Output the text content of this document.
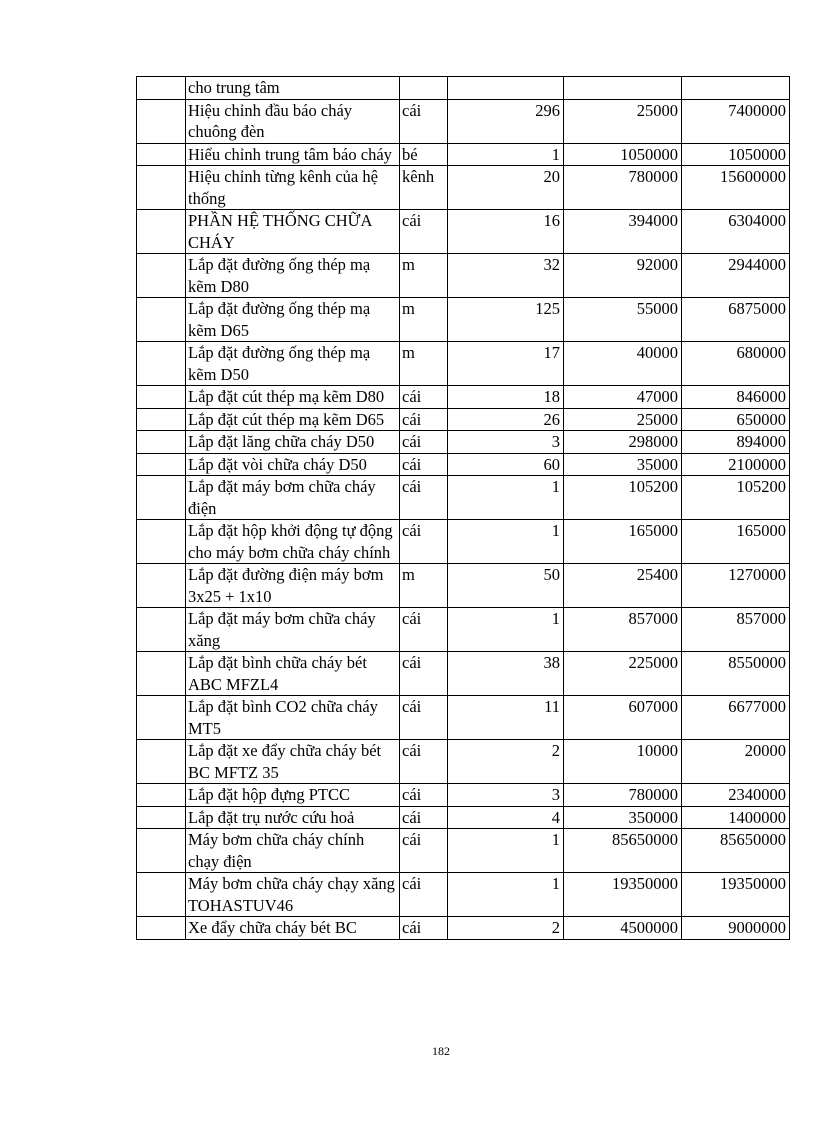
	cho trung tâm				
	Hiệu chỉnh đầu báo cháy chuông đèn	cái	296	25000	7400000
	Hiểu chỉnh trung tâm báo cháy	bé	1	1050000	1050000
	Hiệu chỉnh từng kênh của hệ thống	kênh	20	780000	15600000
	PHẦN HỆ THỐNG CHỮA CHÁY	cái	16	394000	6304000
	Lắp đặt đường ống thép mạ kẽm D80	m	32	92000	2944000
	Lắp đặt đường ống thép mạ kẽm D65	m	125	55000	6875000
	Lắp đặt đường ống thép mạ kẽm D50	m	17	40000	680000
	Lắp đặt cút thép mạ kẽm D80	cái	18	47000	846000
	Lắp đặt cút thép mạ kẽm D65	cái	26	25000	650000
	Lắp đặt lăng chữa cháy D50	cái	3	298000	894000
	Lắp đặt vòi chữa cháy D50	cái	60	35000	2100000
	Lắp đặt máy bơm chữa cháy điện	cái	1	105200	105200
	Lắp đặt hộp khởi động tự động cho máy bơm chữa cháy chính	cái	1	165000	165000
	Lắp đặt đường điện máy bơm 3x25 + 1x10	m	50	25400	1270000
	Lắp đặt máy bơm chữa cháy xăng	cái	1	857000	857000
	Lắp đặt bình chữa cháy bét ABC MFZL4	cái	38	225000	8550000
	Lắp đặt bình CO2 chữa cháy MT5	cái	11	607000	6677000
	Lắp đặt xe đẩy chữa cháy bét BC MFTZ 35	cái	2	10000	20000
	Lắp đặt hộp đựng PTCC	cái	3	780000	2340000
	Lắp đặt trụ nước cứu hoả	cái	4	350000	1400000
	Máy bơm chữa cháy chính chạy điện	cái	1	85650000	85650000
	Máy bơm chữa cháy chạy xăng TOHASTUV46	cái	1	19350000	19350000
	Xe đẩy chữa cháy bét BC	cái	2	4500000	9000000
182
